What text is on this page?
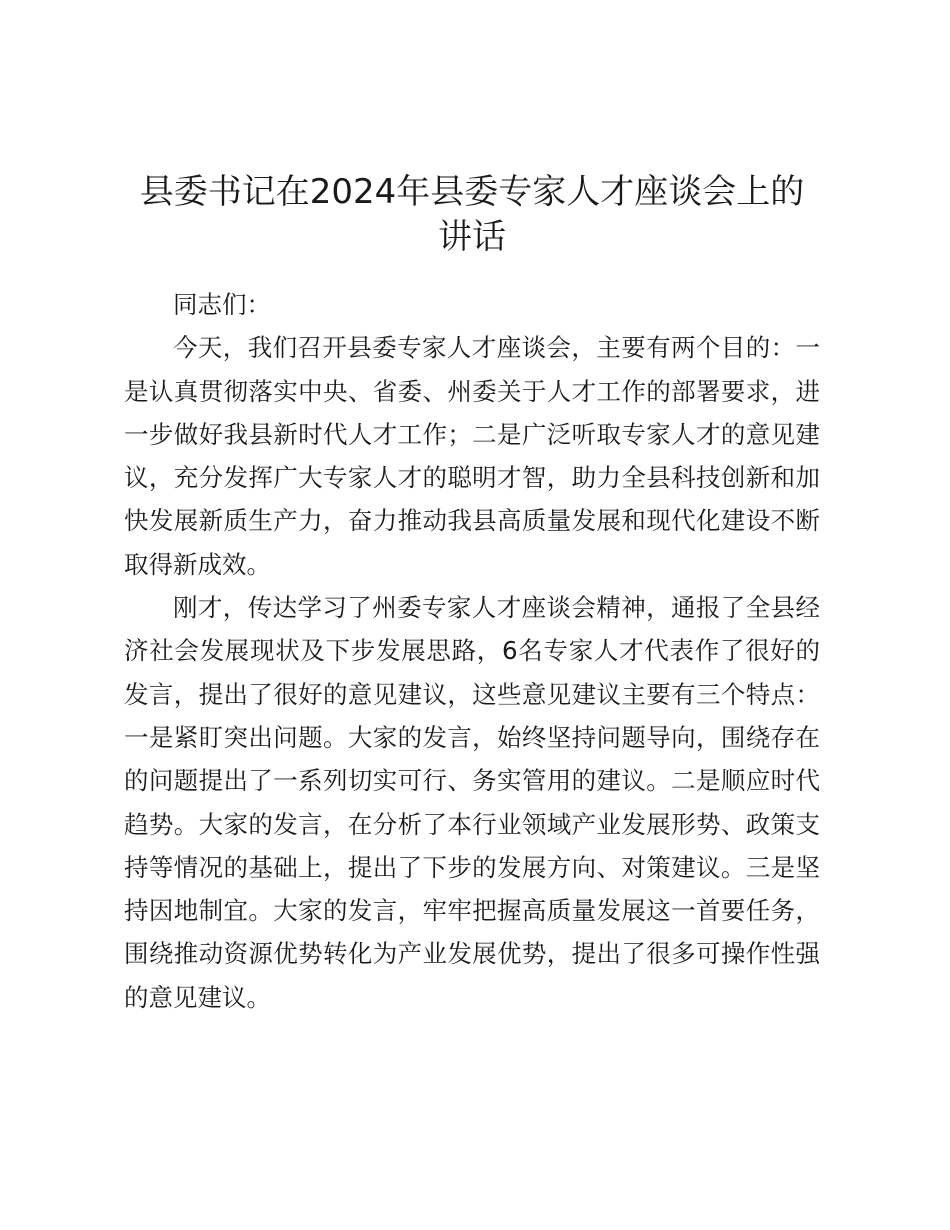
县委书记在2024年县委专家人才座谈会上的讲话

同志们：

今天，我们召开县委专家人才座谈会，主要有两个目的：一是认真贯彻落实中央、省委、州委关于人才工作的部署要求，进一步做好我县新时代人才工作；二是广泛听取专家人才的意见建议，充分发挥广大专家人才的聪明才智，助力全县科技创新和加快发展新质生产力，奋力推动我县高质量发展和现代化建设不断取得新成效。

刚才，传达学习了州委专家人才座谈会精神，通报了全县经济社会发展现状及下步发展思路，6名专家人才代表作了很好的发言，提出了很好的意见建议，这些意见建议主要有三个特点：一是紧盯突出问题。大家的发言，始终坚持问题导向，围绕存在的问题提出了一系列切实可行、务实管用的建议。二是顺应时代趋势。大家的发言，在分析了本行业领域产业发展形势、政策支持等情况的基础上，提出了下步的发展方向、对策建议。三是坚持因地制宜。大家的发言，牢牢把握高质量发展这一首要任务，围绕推动资源优势转化为产业发展优势，提出了很多可操作性强的意见建议。
